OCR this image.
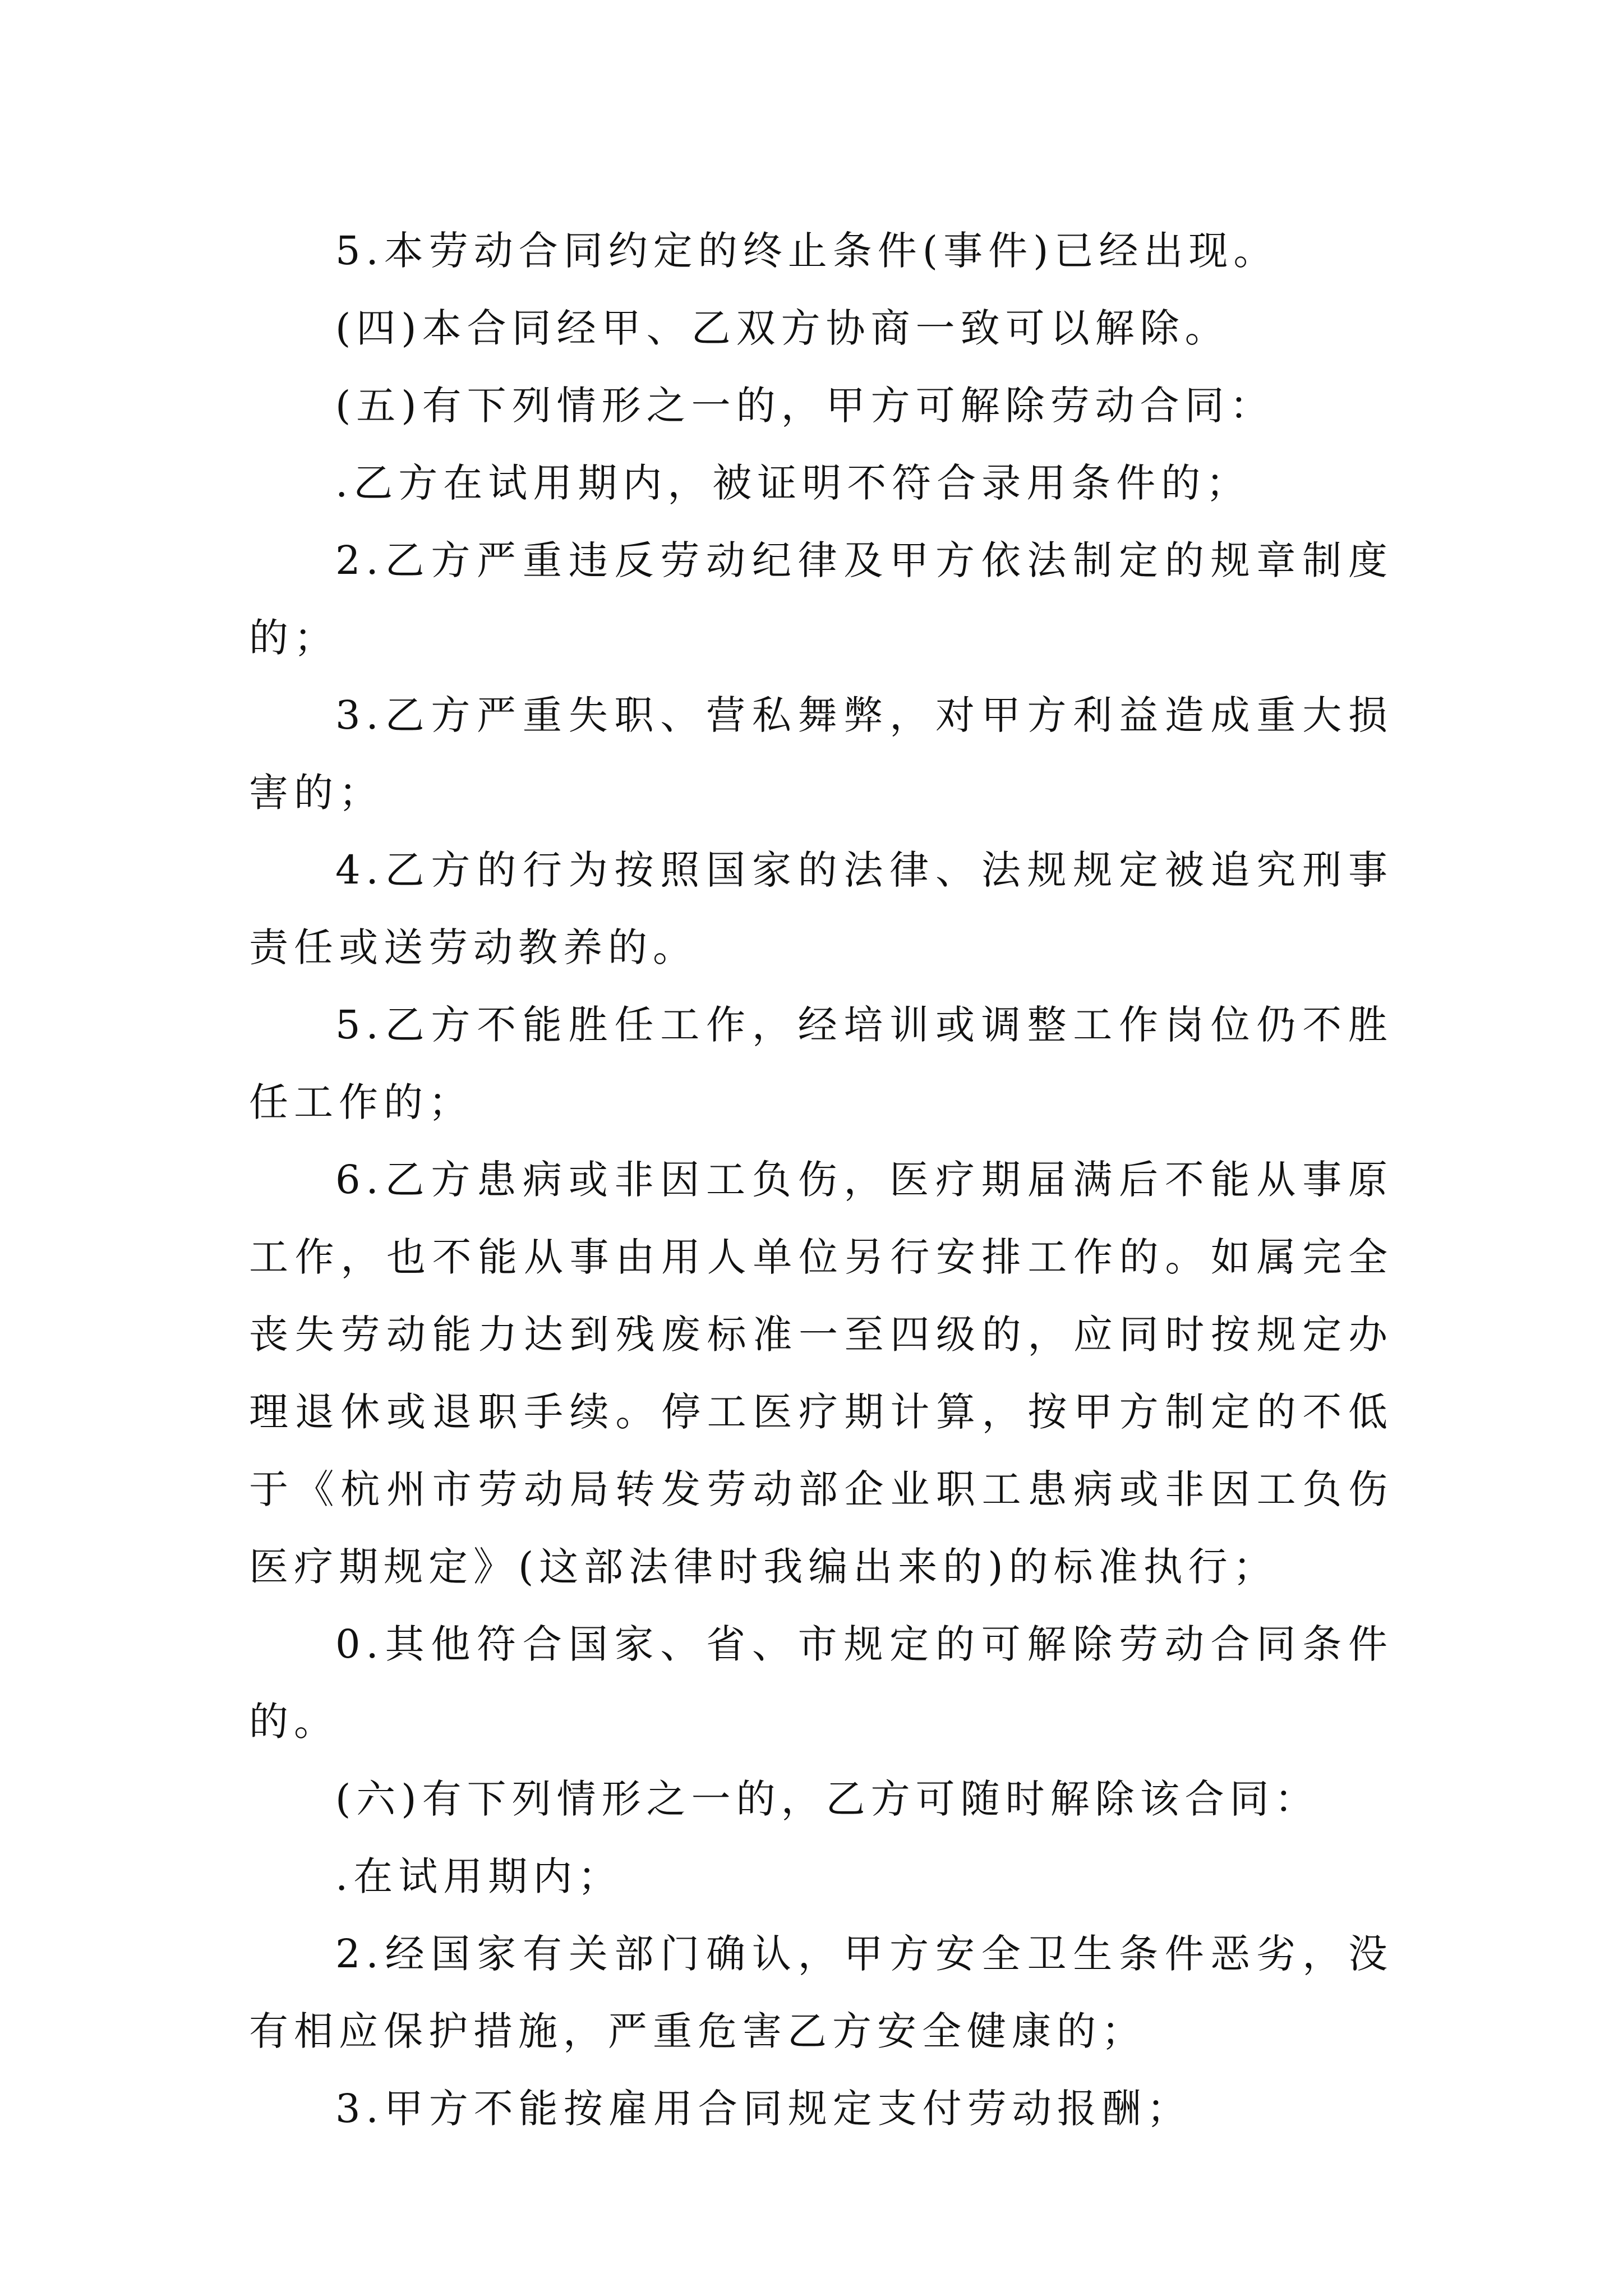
5.本劳动合同约定的终止条件(事件)已经出现。

(四)本合同经甲、乙双方协商一致可以解除。

(五)有下列情形之一的，甲方可解除劳动合同：

.乙方在试用期内，被证明不符合录用条件的；

2.乙方严重违反劳动纪律及甲方依法制定的规章制度的；

3.乙方严重失职、营私舞弊，对甲方利益造成重大损害的；

4.乙方的行为按照国家的法律、法规规定被追究刑事责任或送劳动教养的。

5.乙方不能胜任工作，经培训或调整工作岗位仍不胜任工作的；

6.乙方患病或非因工负伤，医疗期届满后不能从事原工作，也不能从事由用人单位另行安排工作的。如属完全丧失劳动能力达到残废标准一至四级的，应同时按规定办理退休或退职手续。停工医疗期计算，按甲方制定的不低于《杭州市劳动局转发劳动部企业职工患病或非因工负伤医疗期规定》(这部法律时我编出来的)的标准执行；

0.其他符合国家、省、市规定的可解除劳动合同条件的。

(六)有下列情形之一的，乙方可随时解除该合同：

.在试用期内；

2.经国家有关部门确认，甲方安全卫生条件恶劣，没有相应保护措施，严重危害乙方安全健康的；

3.甲方不能按雇用合同规定支付劳动报酬；
